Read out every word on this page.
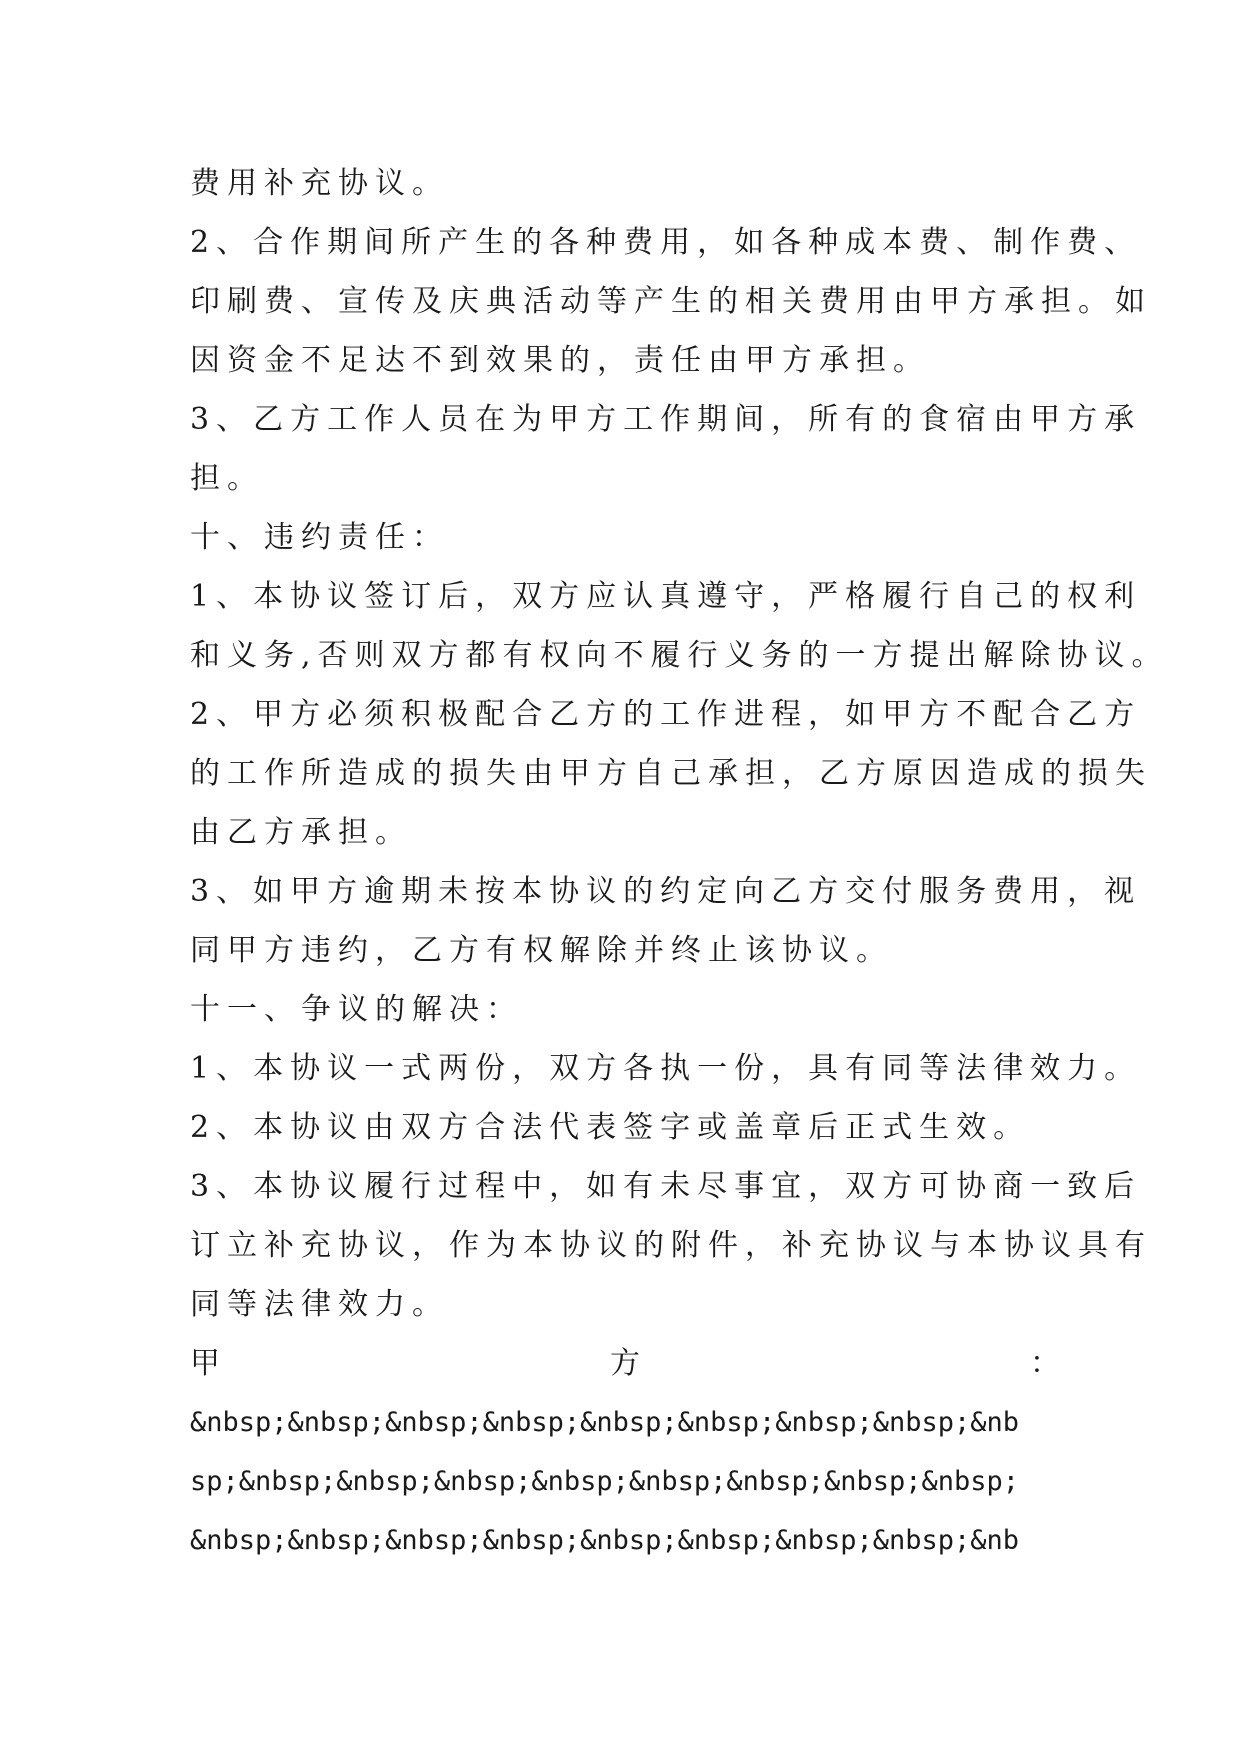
费用补充协议。
2、合作期间所产生的各种费用，如各种成本费、制作费、
印刷费、宣传及庆典活动等产生的相关费用由甲方承担。如
因资金不足达不到效果的，责任由甲方承担。
3、乙方工作人员在为甲方工作期间，所有的食宿由甲方承
担。
十、违约责任：
1、本协议签订后，双方应认真遵守，严格履行自己的权利
和义务,否则双方都有权向不履行义务的一方提出解除协议。
2、甲方必须积极配合乙方的工作进程，如甲方不配合乙方
的工作所造成的损失由甲方自己承担，乙方原因造成的损失
由乙方承担。
3、如甲方逾期未按本协议的约定向乙方交付服务费用，视
同甲方违约，乙方有权解除并终止该协议。
十一、争议的解决：
1、本协议一式两份，双方各执一份，具有同等法律效力。
2、本协议由双方合法代表签字或盖章后正式生效。
3、本协议履行过程中，如有未尽事宜，双方可协商一致后
订立补充协议，作为本协议的附件，补充协议与本协议具有
同等法律效力。
甲	方	：
&nbsp;&nbsp;&nbsp;&nbsp;&nbsp;&nbsp;&nbsp;&nbsp;&nb
sp;&nbsp;&nbsp;&nbsp;&nbsp;&nbsp;&nbsp;&nbsp;&nbsp;
&nbsp;&nbsp;&nbsp;&nbsp;&nbsp;&nbsp;&nbsp;&nbsp;&nb
